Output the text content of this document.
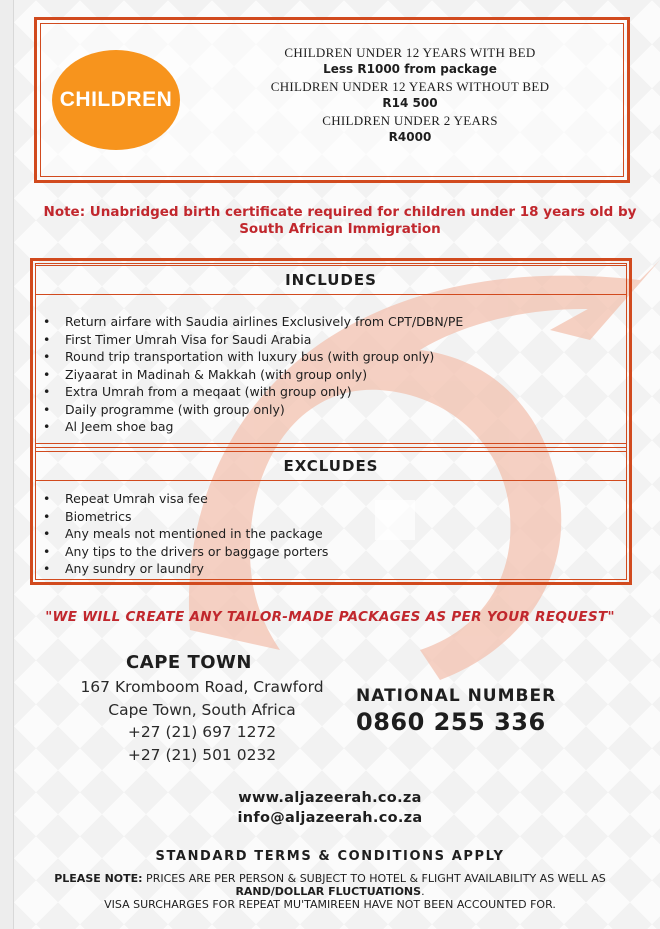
CHILDREN
CHILDREN UNDER 12 YEARS WITH BED
Less R1000 from package
CHILDREN UNDER 12 YEARS WITHOUT BED
R14 500
CHILDREN UNDER 2 YEARS
R4000
Note: Unabridged birth certificate required for children under 18 years old by South African Immigration
INCLUDES
• Return airfare with Saudia airlines Exclusively from CPT/DBN/PE
• First Timer Umrah Visa for Saudi Arabia
• Round trip transportation with luxury bus (with group only)
• Ziyaarat in Madinah & Makkah (with group only)
• Extra Umrah from a meqaat (with group only)
• Daily programme (with group only)
• Al Jeem shoe bag
EXCLUDES
• Repeat Umrah visa fee
• Biometrics
• Any meals not mentioned in the package
• Any tips to the drivers or baggage porters
• Any sundry or laundry
"WE WILL CREATE ANY TAILOR-MADE PACKAGES AS PER YOUR REQUEST"
CAPE TOWN
167 Kromboom Road, Crawford
Cape Town, South Africa
+27 (21) 697 1272
+27 (21) 501 0232
NATIONAL NUMBER
0860 255 336
www.aljazeerah.co.za
info@aljazeerah.co.za
STANDARD TERMS & CONDITIONS APPLY
PLEASE NOTE: PRICES ARE PER PERSON & SUBJECT TO HOTEL & FLIGHT AVAILABILITY AS WELL AS RAND/DOLLAR FLUCTUATIONS.
VISA SURCHARGES FOR REPEAT MU'TAMIREEN HAVE NOT BEEN ACCOUNTED FOR.
